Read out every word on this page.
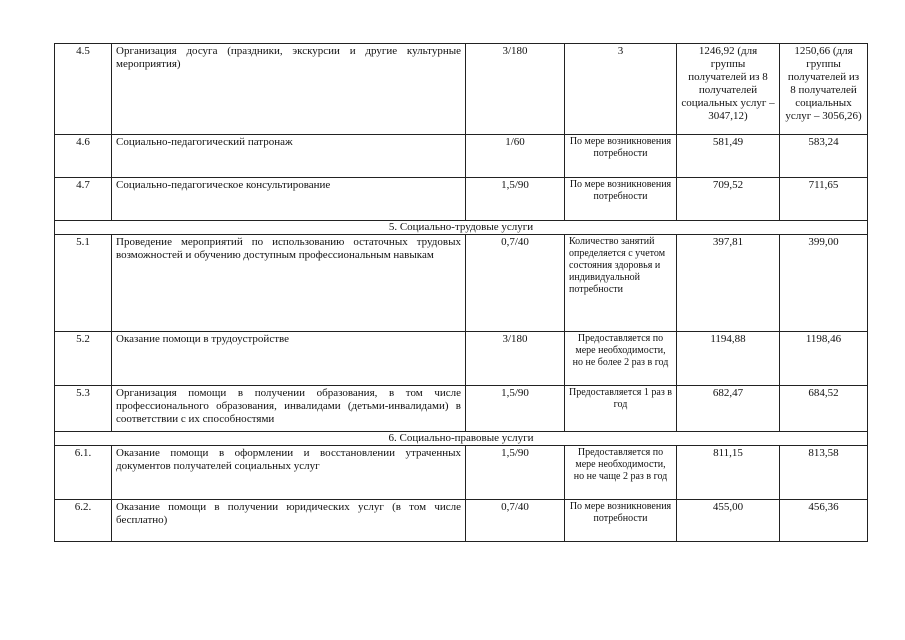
4.5	Организация досуга (праздники, экскурсии и другие культурные мероприятия)	3/180	3	1246,92 (для группы получателей из 8 получателей социальных услуг – 3047,12)	1250,66 (для группы получателей из 8 получателей социальных услуг – 3056,26)
4.6	Социально-педагогический патронаж	1/60	По мере возникновения потребности	581,49	583,24
4.7	Социально-педагогическое консультирование	1,5/90	По мере возникновения потребности	709,52	711,65
5. Социально-трудовые услуги					
5.1	Проведение мероприятий по использованию остаточных трудовых возможностей и обучению доступным профессиональным навыкам	0,7/40	Количество занятий определяется с учетом состояния здоровья и индивидуальной потребности	397,81	399,00
5.2	Оказание помощи в трудоустройстве	3/180	Предоставляется по мере необходимости, но не более 2 раз в год	1194,88	1198,46
5.3	Организация помощи в получении образования, в том числе профессионального образования, инвалидами (детьми-инвалидами) в соответствии с их способностями	1,5/90	Предоставляется 1 раз в год	682,47	684,52
6. Социально-правовые услуги					
6.1.	Оказание помощи в оформлении и восстановлении утраченных документов получателей социальных услуг	1,5/90	Предоставляется по мере необходимости, но не чаще 2 раз в год	811,15	813,58
6.2.	Оказание помощи в получении юридических услуг (в том числе бесплатно)	0,7/40	По мере возникновения потребности	455,00	456,36
